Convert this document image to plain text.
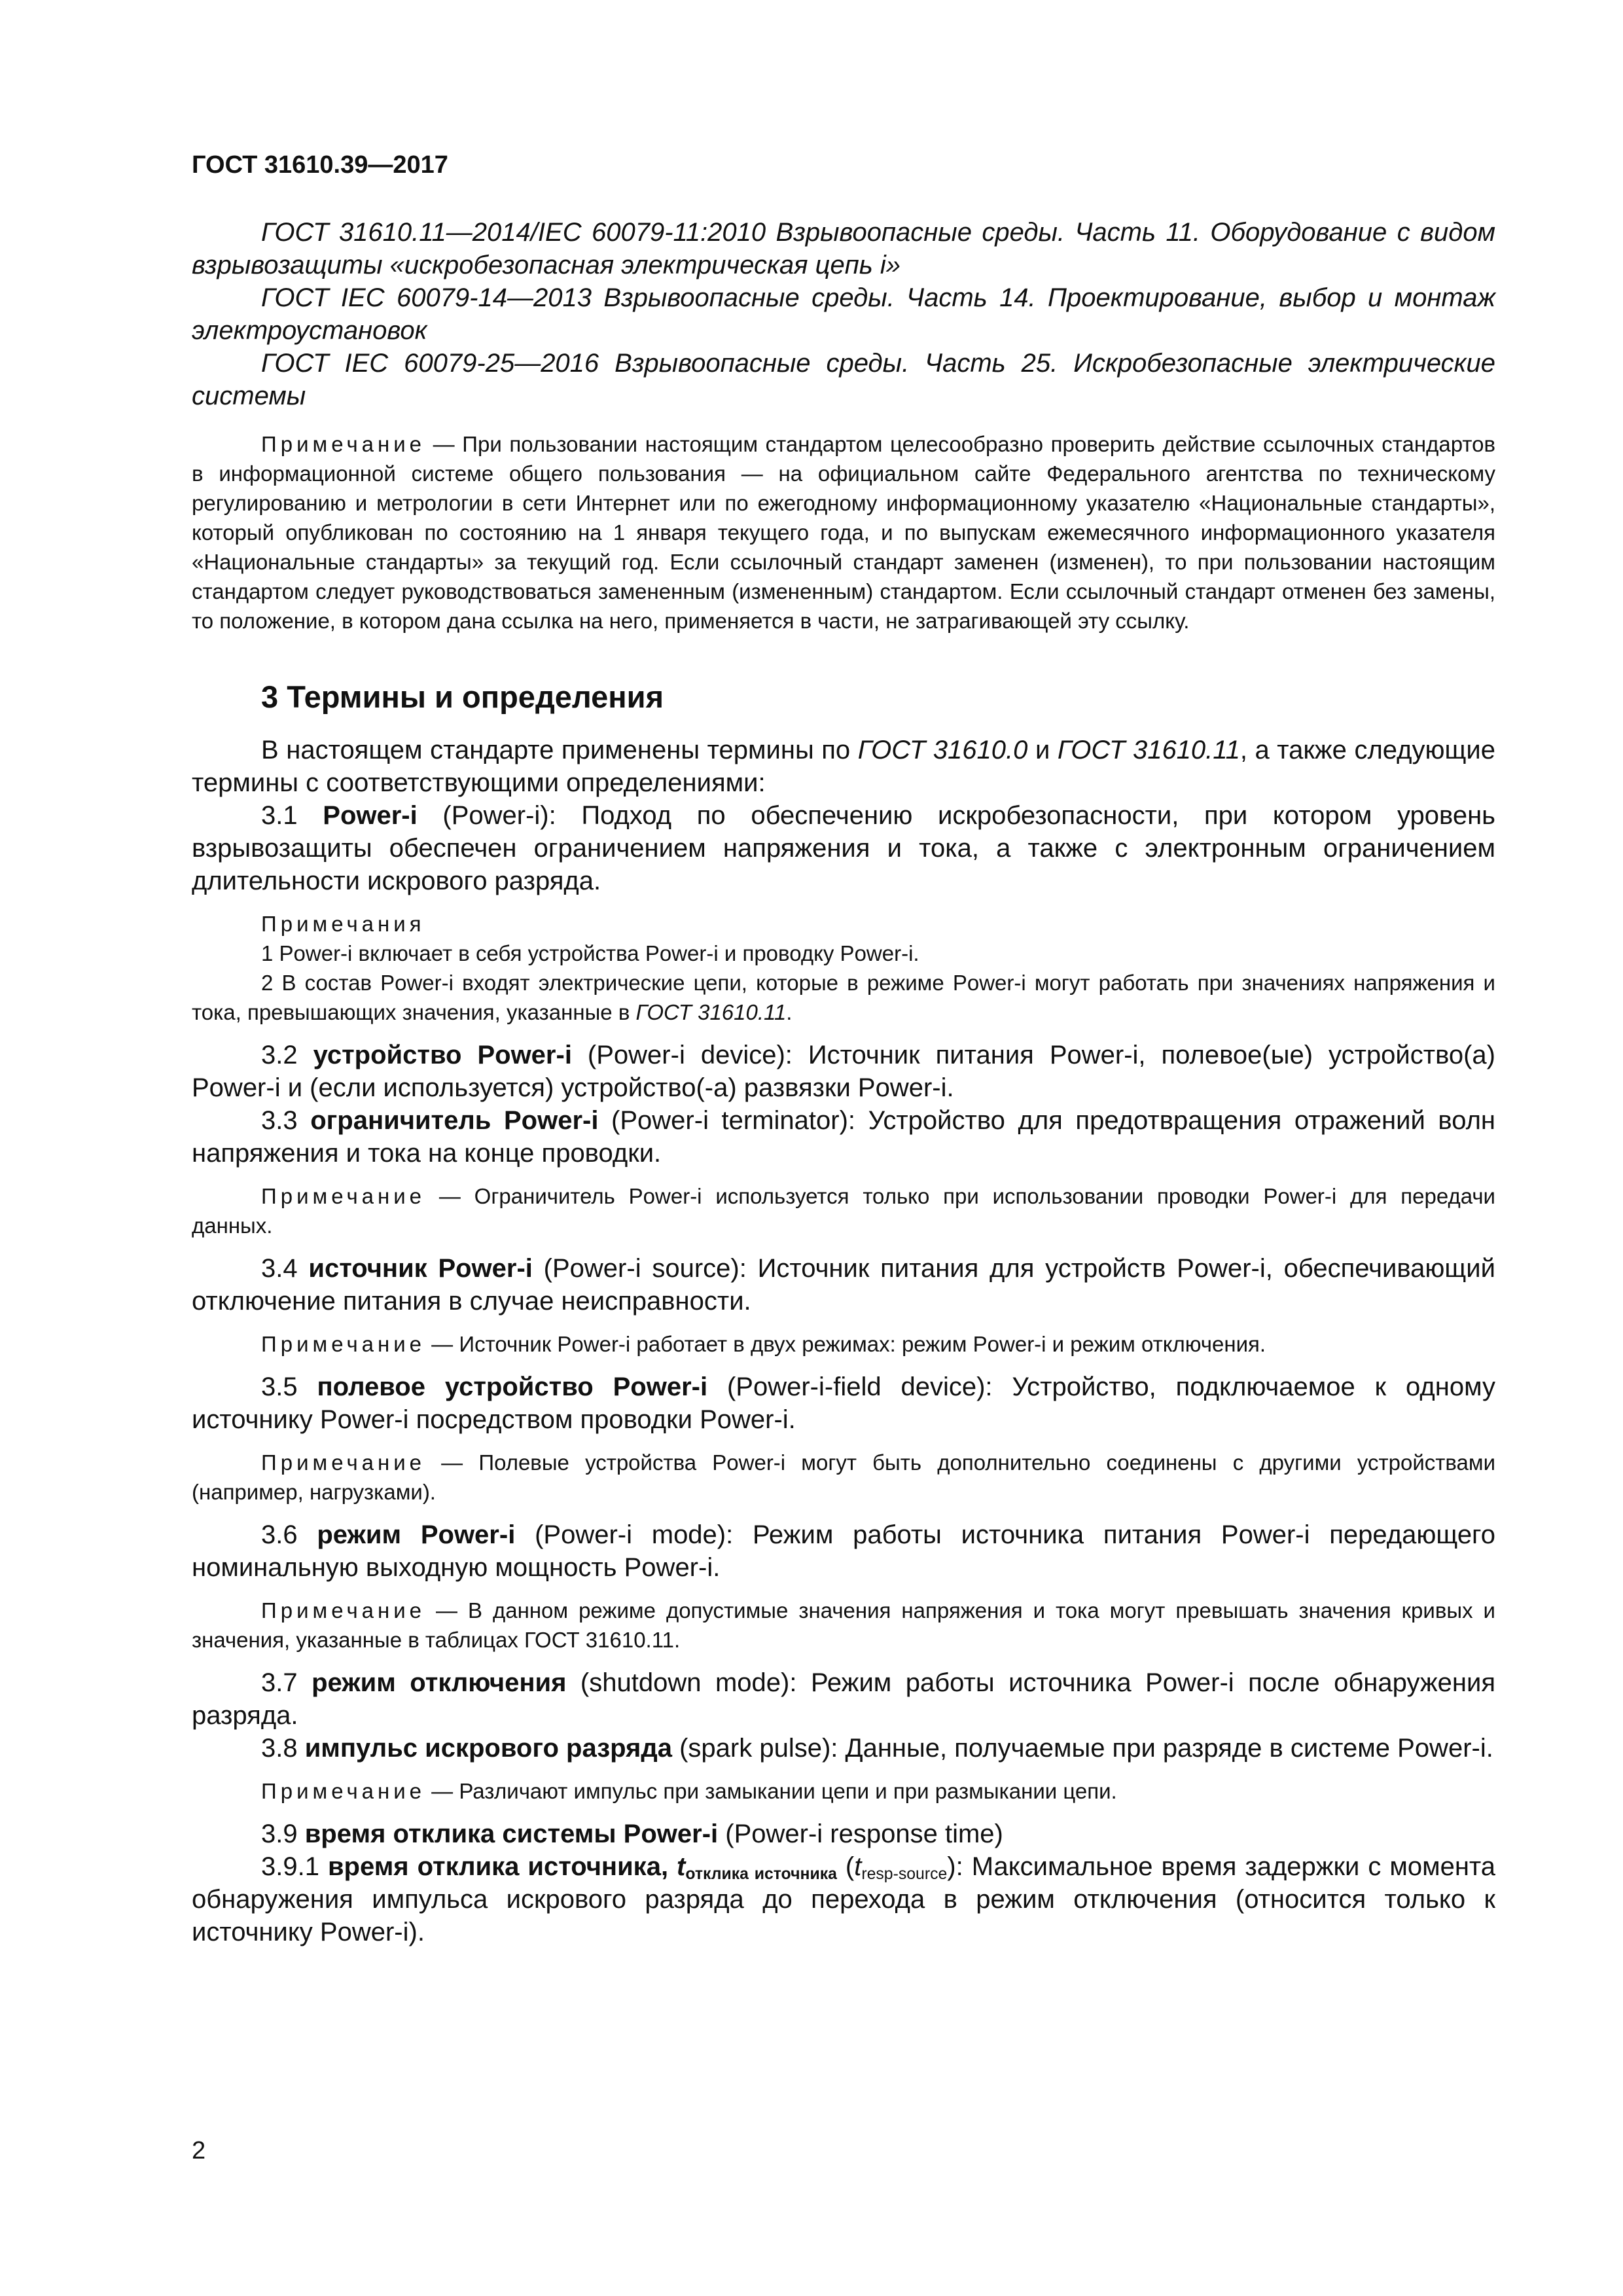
ГОСТ 31610.39—2017

ГОСТ 31610.11—2014/IEC 60079-11:2010 Взрывоопасные среды. Часть 11. Оборудование с видом взрывозащиты «искробезопасная электрическая цепь i»

ГОСТ IEC 60079-14—2013 Взрывоопасные среды. Часть 14. Проектирование, выбор и монтаж электроустановок

ГОСТ IEC 60079-25—2016 Взрывоопасные среды. Часть 25. Искробезопасные электрические системы

Примечание — При пользовании настоящим стандартом целесообразно проверить действие ссылочных стандартов в информационной системе общего пользования — на официальном сайте Федерального агентства по техническому регулированию и метрологии в сети Интернет или по ежегодному информационному указателю «Национальные стандарты», который опубликован по состоянию на 1 января текущего года, и по выпускам ежемесячного информационного указателя «Национальные стандарты» за текущий год. Если ссылочный стандарт заменен (изменен), то при пользовании настоящим стандартом следует руководствоваться замененным (измененным) стандартом. Если ссылочный стандарт отменен без замены, то положение, в котором дана ссылка на него, применяется в части, не затрагивающей эту ссылку.

3 Термины и определения

В настоящем стандарте применены термины по ГОСТ 31610.0 и ГОСТ 31610.11, а также следующие термины с соответствующими определениями:

3.1 Power-i (Power-i): Подход по обеспечению искробезопасности, при котором уровень взрывозащиты обеспечен ограничением напряжения и тока, а также с электронным ограничением длительности искрового разряда.

Примечания

1 Power-i включает в себя устройства Power-i и проводку Power-i.

2 В состав Power-i входят электрические цепи, которые в режиме Power-i могут работать при значениях напряжения и тока, превышающих значения, указанные в ГОСТ 31610.11.

3.2 устройство Power-i (Power-i device): Источник питания Power-i, полевое(ые) устройство(а) Power-i и (если используется) устройство(-а) развязки Power-i.

3.3 ограничитель Power-i (Power-i terminator): Устройство для предотвращения отражений волн напряжения и тока на конце проводки.

Примечание — Ограничитель Power-i используется только при использовании проводки Power-i для передачи данных.

3.4 источник Power-i (Power-i source): Источник питания для устройств Power-i, обеспечивающий отключение питания в случае неисправности.

Примечание — Источник Power-i работает в двух режимах: режим Power-i и режим отключения.

3.5 полевое устройство Power-i (Power-i-field device): Устройство, подключаемое к одному источнику Power-i посредством проводки Power-i.

Примечание — Полевые устройства Power-i могут быть дополнительно соединены с другими устройствами (например, нагрузками).

3.6 режим Power-i (Power-i mode): Режим работы источника питания Power-i передающего номинальную выходную мощность Power-i.

Примечание — В данном режиме допустимые значения напряжения и тока могут превышать значения кривых и значения, указанные в таблицах ГОСТ 31610.11.

3.7 режим отключения (shutdown mode): Режим работы источника Power-i после обнаружения разряда.

3.8 импульс искрового разряда (spark pulse): Данные, получаемые при разряде в системе Power-i.

Примечание — Различают импульс при замыкании цепи и при размыкании цепи.

3.9 время отклика системы Power-i (Power-i response time)

3.9.1 время отклика источника, $t_{отклика источника}$ $(t_{resp-source})$: Максимальное время задержки с момента обнаружения импульса искрового разряда до перехода в режим отключения (относится только к источнику Power-i).

2
